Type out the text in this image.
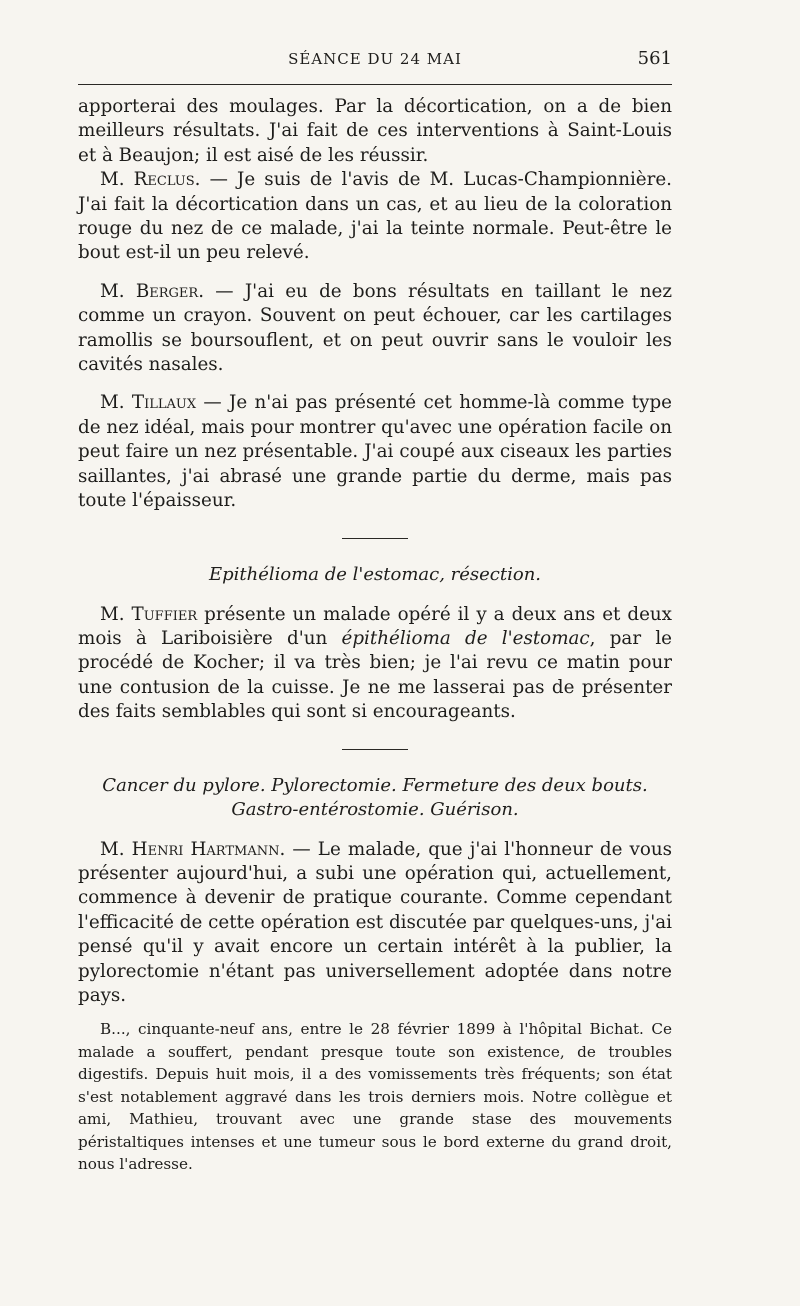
SÉANCE DU 24 MAI	561

apporterai des moulages. Par la décortication, on a de bien meilleurs résultats. J'ai fait de ces interventions à Saint-Louis et à Beaujon; il est aisé de les réussir.

M. Reclus. — Je suis de l'avis de M. Lucas-Championnière. J'ai fait la décortication dans un cas, et au lieu de la coloration rouge du nez de ce malade, j'ai la teinte normale. Peut-être le bout est-il un peu relevé.

M. Berger. — J'ai eu de bons résultats en taillant le nez comme un crayon. Souvent on peut échouer, car les cartilages ramollis se boursouflent, et on peut ouvrir sans le vouloir les cavités nasales.

M. Tillaux — Je n'ai pas présenté cet homme-là comme type de nez idéal, mais pour montrer qu'avec une opération facile on peut faire un nez présentable. J'ai coupé aux ciseaux les parties saillantes, j'ai abrasé une grande partie du derme, mais pas toute l'épaisseur.

Epithélioma de l'estomac, résection.

M. Tuffier présente un malade opéré il y a deux ans et deux mois à Lariboisière d'un épithélioma de l'estomac, par le procédé de Kocher; il va très bien; je l'ai revu ce matin pour une contusion de la cuisse. Je ne me lasserai pas de présenter des faits semblables qui sont si encourageants.

Cancer du pylore. Pylorectomie. Fermeture des deux bouts.

Gastro-entérostomie. Guérison.

M. Henri Hartmann. — Le malade, que j'ai l'honneur de vous présenter aujourd'hui, a subi une opération qui, actuellement, commence à devenir de pratique courante. Comme cependant l'efficacité de cette opération est discutée par quelques-uns, j'ai pensé qu'il y avait encore un certain intérêt à la publier, la pylorectomie n'étant pas universellement adoptée dans notre pays.

B..., cinquante-neuf ans, entre le 28 février 1899 à l'hôpital Bichat. Ce malade a souffert, pendant presque toute son existence, de troubles digestifs. Depuis huit mois, il a des vomissements très fréquents; son état s'est notablement aggravé dans les trois derniers mois. Notre collègue et ami, Mathieu, trouvant avec une grande stase des mouvements péristaltiques intenses et une tumeur sous le bord externe du grand droit, nous l'adresse.
